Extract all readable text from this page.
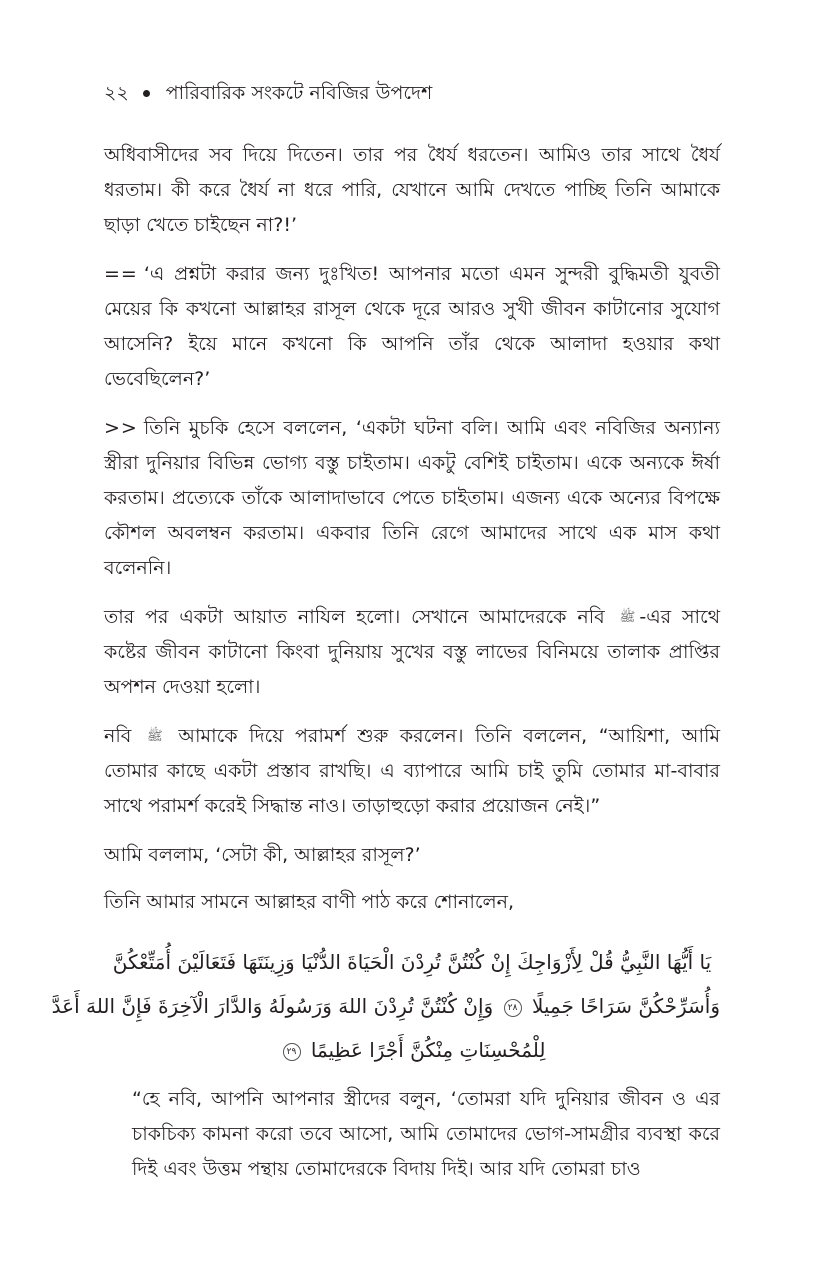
২২ পারিবারিক সংকটে নবিজির উপদেশ

অধিবাসীদের সব দিয়ে দিতেন। তার পর ধৈর্য ধরতেন। আমিও তার সাথে ধৈর্য ধরতাম। কী করে ধৈর্য না ধরে পারি, যেখানে আমি দেখতে পাচ্ছি তিনি আমাকে ছাড়া খেতে চাইছেন না?!’

== ‘এ প্রশ্নটা করার জন্য দুঃখিত! আপনার মতো এমন সুন্দরী বুদ্ধিমতী যুবতী মেয়ের কি কখনো আল্লাহর রাসূল থেকে দূরে আরও সুখী জীবন কাটানোর সুযোগ আসেনি? ইয়ে মানে কখনো কি আপনি তাঁর থেকে আলাদা হওয়ার কথা ভেবেছিলেন?’

>> তিনি মুচকি হেসে বললেন, ‘একটা ঘটনা বলি। আমি এবং নবিজির অন্যান্য স্ত্রীরা দুনিয়ার বিভিন্ন ভোগ্য বস্তু চাইতাম। একটু বেশিই চাইতাম। একে অন্যকে ঈর্ষা করতাম। প্রত্যেকে তাঁকে আলাদাভাবে পেতে চাইতাম। এজন্য একে অন্যের বিপক্ষে কৌশল অবলম্বন করতাম। একবার তিনি রেগে আমাদের সাথে এক মাস কথা বলেননি।

তার পর একটা আয়াত নাযিল হলো। সেখানে আমাদেরকে নবি ﷺ -এর সাথে কষ্টের জীবন কাটানো কিংবা দুনিয়ায় সুখের বস্তু লাভের বিনিময়ে তালাক প্রাপ্তির অপশন দেওয়া হলো।

নবি ﷺ আমাকে দিয়ে পরামর্শ শুরু করলেন। তিনি বললেন, “আয়িশা, আমি তোমার কাছে একটা প্রস্তাব রাখছি। এ ব্যাপারে আমি চাই তুমি তোমার মা-বাবার সাথে পরামর্শ করেই সিদ্ধান্ত নাও। তাড়াহুড়ো করার প্রয়োজন নেই।”

আমি বললাম, ‘সেটা কী, আল্লাহর রাসূল?’

তিনি আমার সামনে আল্লাহর বাণী পাঠ করে শোনালেন,

يَا أَيُّهَا النَّبِيُّ قُلْ لِأَزْوَاجِكَ إِنْ كُنْتُنَّ تُرِدْنَ الْحَيَاةَ الدُّنْيَا وَزِينَتَهَا فَتَعَالَيْنَ أُمَتِّعْكُنَّ
وَأُسَرِّحْكُنَّ سَرَاحًا جَمِيلًا ٢٨ وَإِنْ كُنْتُنَّ تُرِدْنَ اللهَ وَرَسُولَهُ وَالدَّارَ الْآخِرَةَ فَإِنَّ اللهَ أَعَدَّ
لِلْمُحْسِنَاتِ مِنْكُنَّ أَجْرًا عَظِيمًا ٢٩

“হে নবি, আপনি আপনার স্ত্রীদের বলুন, ‘তোমরা যদি দুনিয়ার জীবন ও এর চাকচিক্য কামনা করো তবে আসো, আমি তোমাদের ভোগ-সামগ্রীর ব্যবস্থা করে দিই এবং উত্তম পন্থায় তোমাদেরকে বিদায় দিই। আর যদি তোমরা চাও
